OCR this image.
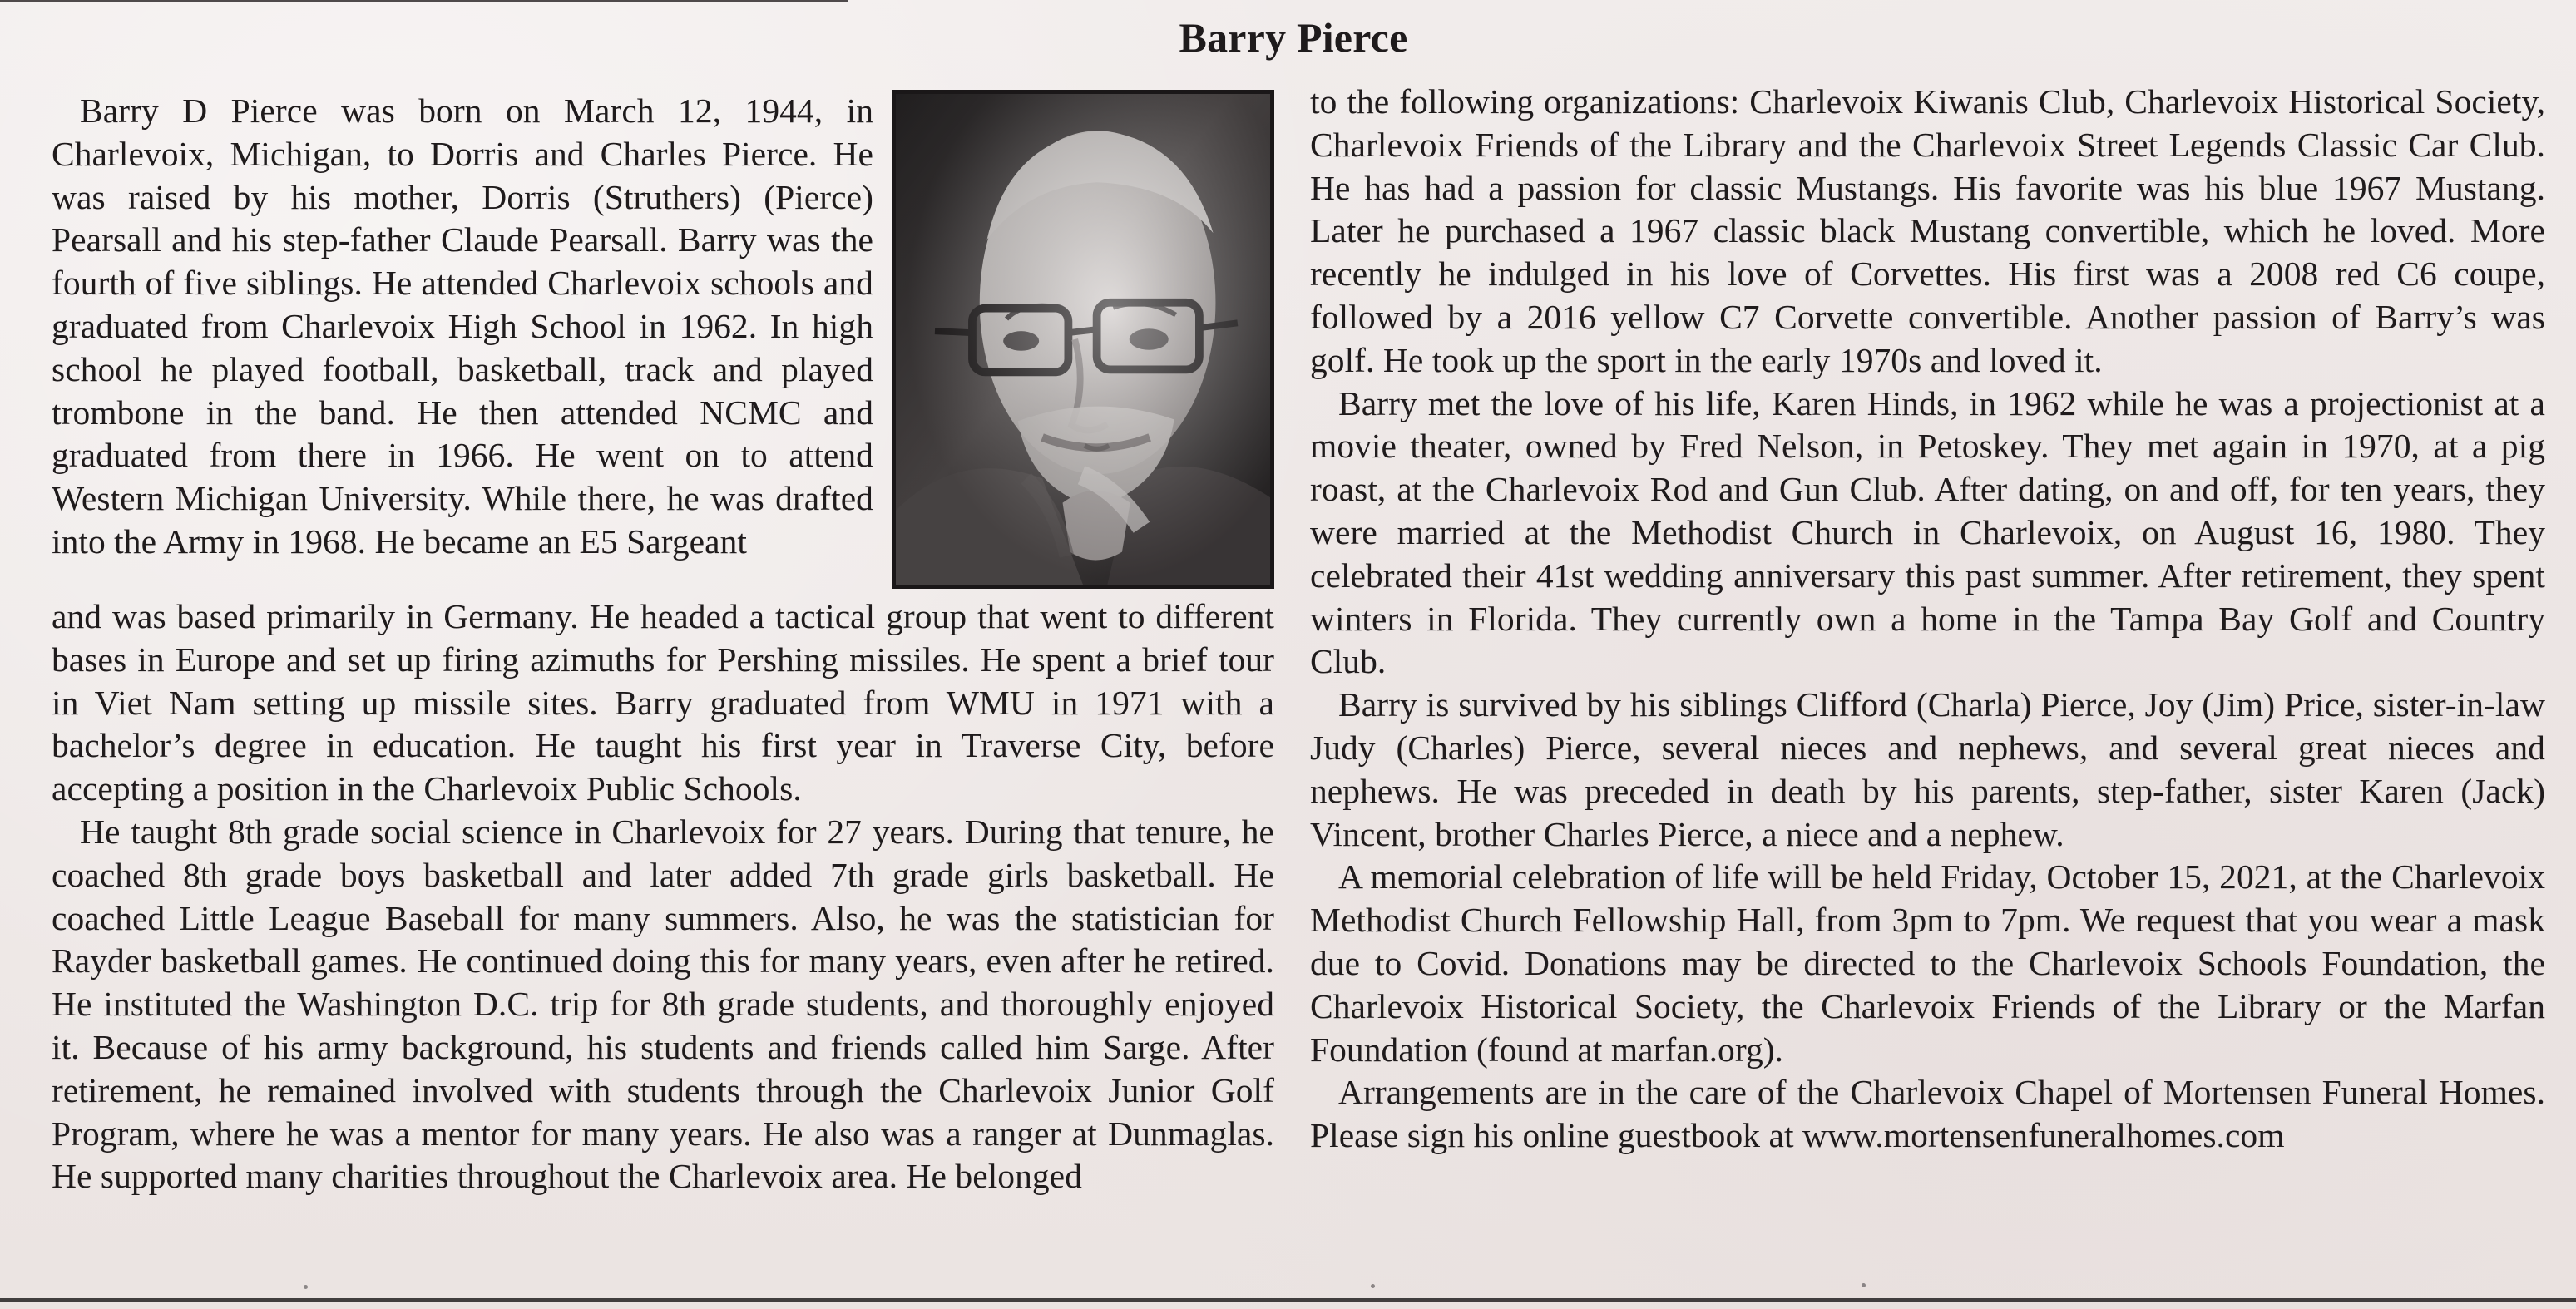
Barry Pierce

Barry D Pierce was born on March 12, 1944, in Charlevoix, Michigan, to Dorris and Charles Pierce. He was raised by his mother, Dorris (Struthers) (Pierce) Pearsall and his step-father Claude Pearsall. Barry was the fourth of five siblings. He attended Charlevoix schools and graduated from Charlevoix High School in 1962. In high school he played football, basketball, track and played trombone in the band. He then attended NCMC and graduated from there in 1966. He went on to attend Western Michigan University. While there, he was drafted into the Army in 1968. He became an E5 Sargeant

and was based primarily in Germany. He headed a tactical group that went to different bases in Europe and set up firing azimuths for Pershing missiles. He spent a brief tour in Viet Nam setting up missile sites. Barry graduated from WMU in 1971 with a bachelor’s degree in education. He taught his first year in Traverse City, before accepting a position in the Charlevoix Public Schools.

He taught 8th grade social science in Charlevoix for 27 years. During that tenure, he coached 8th grade boys basketball and later added 7th grade girls basketball. He coached Little League Baseball for many summers. Also, he was the statistician for Rayder basketball games. He continued doing this for many years, even after he retired. He instituted the Washington D.C. trip for 8th grade students, and thoroughly enjoyed it. Because of his army background, his students and friends called him Sarge. After retirement, he remained involved with students through the Charlevoix Junior Golf Program, where he was a mentor for many years. He also was a ranger at Dunmaglas. He supported many charities throughout the Charlevoix area. He belonged

to the following organizations: Charlevoix Kiwanis Club, Charlevoix Historical Society, Charlevoix Friends of the Library and the Charlevoix Street Legends Classic Car Club. He has had a passion for classic Mustangs. His favorite was his blue 1967 Mustang. Later he purchased a 1967 classic black Mustang convertible, which he loved. More recently he indulged in his love of Corvettes. His first was a 2008 red C6 coupe, followed by a 2016 yellow C7 Corvette convertible. Another passion of Barry’s was golf. He took up the sport in the early 1970s and loved it.

Barry met the love of his life, Karen Hinds, in 1962 while he was a projectionist at a movie theater, owned by Fred Nelson, in Petoskey. They met again in 1970, at a pig roast, at the Charlevoix Rod and Gun Club. After dating, on and off, for ten years, they were married at the Methodist Church in Charlevoix, on August 16, 1980. They celebrated their 41st wedding anniversary this past summer. After retirement, they spent winters in Florida. They currently own a home in the Tampa Bay Golf and Country Club.

Barry is survived by his siblings Clifford (Charla) Pierce, Joy (Jim) Price, sister-in-law Judy (Charles) Pierce, several nieces and nephews, and several great nieces and nephews. He was preceded in death by his parents, step-father, sister Karen (Jack) Vincent, brother Charles Pierce, a niece and a nephew.

A memorial celebration of life will be held Friday, October 15, 2021, at the Charlevoix Methodist Church Fellowship Hall, from 3pm to 7pm. We request that you wear a mask due to Covid. Donations may be directed to the Charlevoix Schools Foundation, the Charlevoix Historical Society, the Charlevoix Friends of the Library or the Marfan Foundation (found at marfan.org).

Arrangements are in the care of the Charlevoix Chapel of Mortensen Funeral Homes. Please sign his online guestbook at www.mortensenfuneralhomes.com
